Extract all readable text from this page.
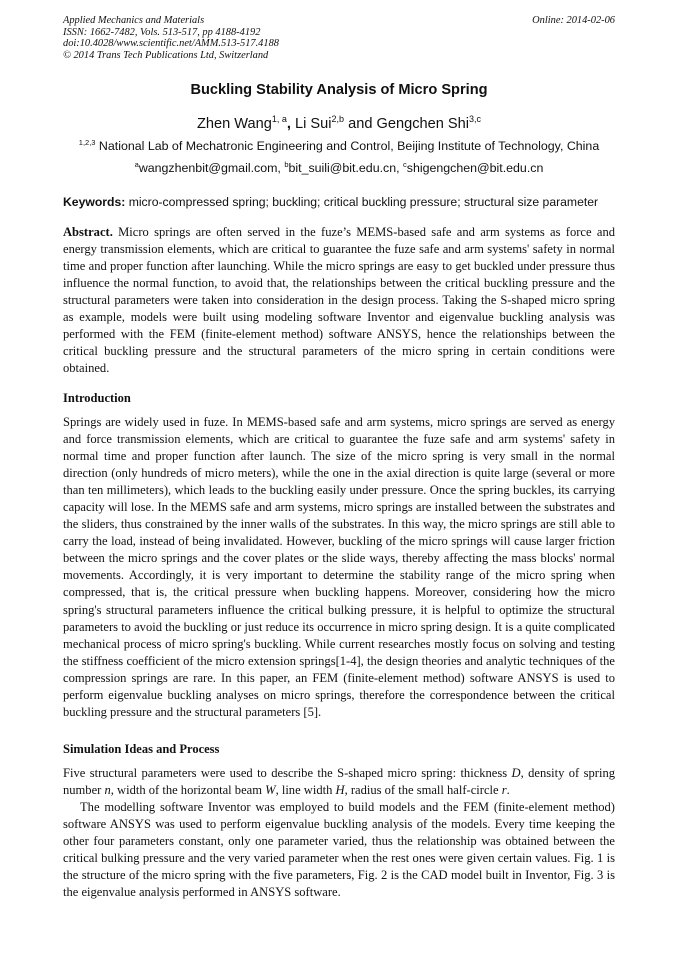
Applied Mechanics and Materials
ISSN: 1662-7482, Vols. 513-517, pp 4188-4192
doi:10.4028/www.scientific.net/AMM.513-517.4188
© 2014 Trans Tech Publications Ltd, Switzerland
Online: 2014-02-06
Buckling Stability Analysis of Micro Spring
Zhen Wang$^{1, a}$, Li Sui$^{2,b}$ and Gengchen Shi$^{3,c}$
$^{1,2,3}$ National Lab of Mechatronic Engineering and Control, Beijing Institute of Technology, China
$^a$wangzhenbit@gmail.com, $^b$bit_suili@bit.edu.cn, $^c$shigengchen@bit.edu.cn
Keywords: micro-compressed spring; buckling; critical buckling pressure; structural size parameter

Abstract. Micro springs are often served in the fuze’s MEMS-based safe and arm systems as force and energy transmission elements, which are critical to guarantee the fuze safe and arm systems' safety in normal time and proper function after launching. While the micro springs are easy to get buckled under pressure thus influence the normal function, to avoid that, the relationships between the critical buckling pressure and the structural parameters were taken into consideration in the design process. Taking the S-shaped micro spring as example, models were built using modeling software Inventor and eigenvalue buckling analysis was performed with the FEM (finite-element method) software ANSYS, hence the relationships between the critical buckling pressure and the structural parameters of the micro spring in certain conditions were obtained.

Introduction

Springs are widely used in fuze. In MEMS-based safe and arm systems, micro springs are served as energy and force transmission elements, which are critical to guarantee the fuze safe and arm systems' safety in normal time and proper function after launch. The size of the micro spring is very small in the normal direction (only hundreds of micro meters), while the one in the axial direction is quite large (several or more than ten millimeters), which leads to the buckling easily under pressure. Once the spring buckles, its carrying capacity will lose. In the MEMS safe and arm systems, micro springs are installed between the substrates and the sliders, thus constrained by the inner walls of the substrates. In this way, the micro springs are still able to carry the load, instead of being invalidated. However, buckling of the micro springs will cause larger friction between the micro springs and the cover plates or the slide ways, thereby affecting the mass blocks' normal movements. Accordingly, it is very important to determine the stability range of the micro spring when compressed, that is, the critical pressure when buckling happens. Moreover, considering how the micro spring's structural parameters influence the critical bulking pressure, it is helpful to optimize the structural parameters to avoid the buckling or just reduce its occurrence in micro spring design. It is a quite complicated mechanical process of micro spring's buckling. While current researches mostly focus on solving and testing the stiffness coefficient of the micro extension springs[1-4], the design theories and analytic techniques of the compression springs are rare. In this paper, an FEM (finite-element method) software ANSYS is used to perform eigenvalue buckling analyses on micro springs, therefore the correspondence between the critical buckling pressure and the structural parameters [5].

Simulation Ideas and Process

Five structural parameters were used to describe the S-shaped micro spring: thickness D, density of spring number n, width of the horizontal beam W, line width H, radius of the small half-circle r.

The modelling software Inventor was employed to build models and the FEM (finite-element method) software ANSYS was used to perform eigenvalue buckling analysis of the models. Every time keeping the other four parameters constant, only one parameter varied, thus the relationship was obtained between the critical bulking pressure and the very varied parameter when the rest ones were given certain values. Fig. 1 is the structure of the micro spring with the five parameters, Fig. 2 is the CAD model built in Inventor, Fig. 3 is the eigenvalue analysis performed in ANSYS software.
